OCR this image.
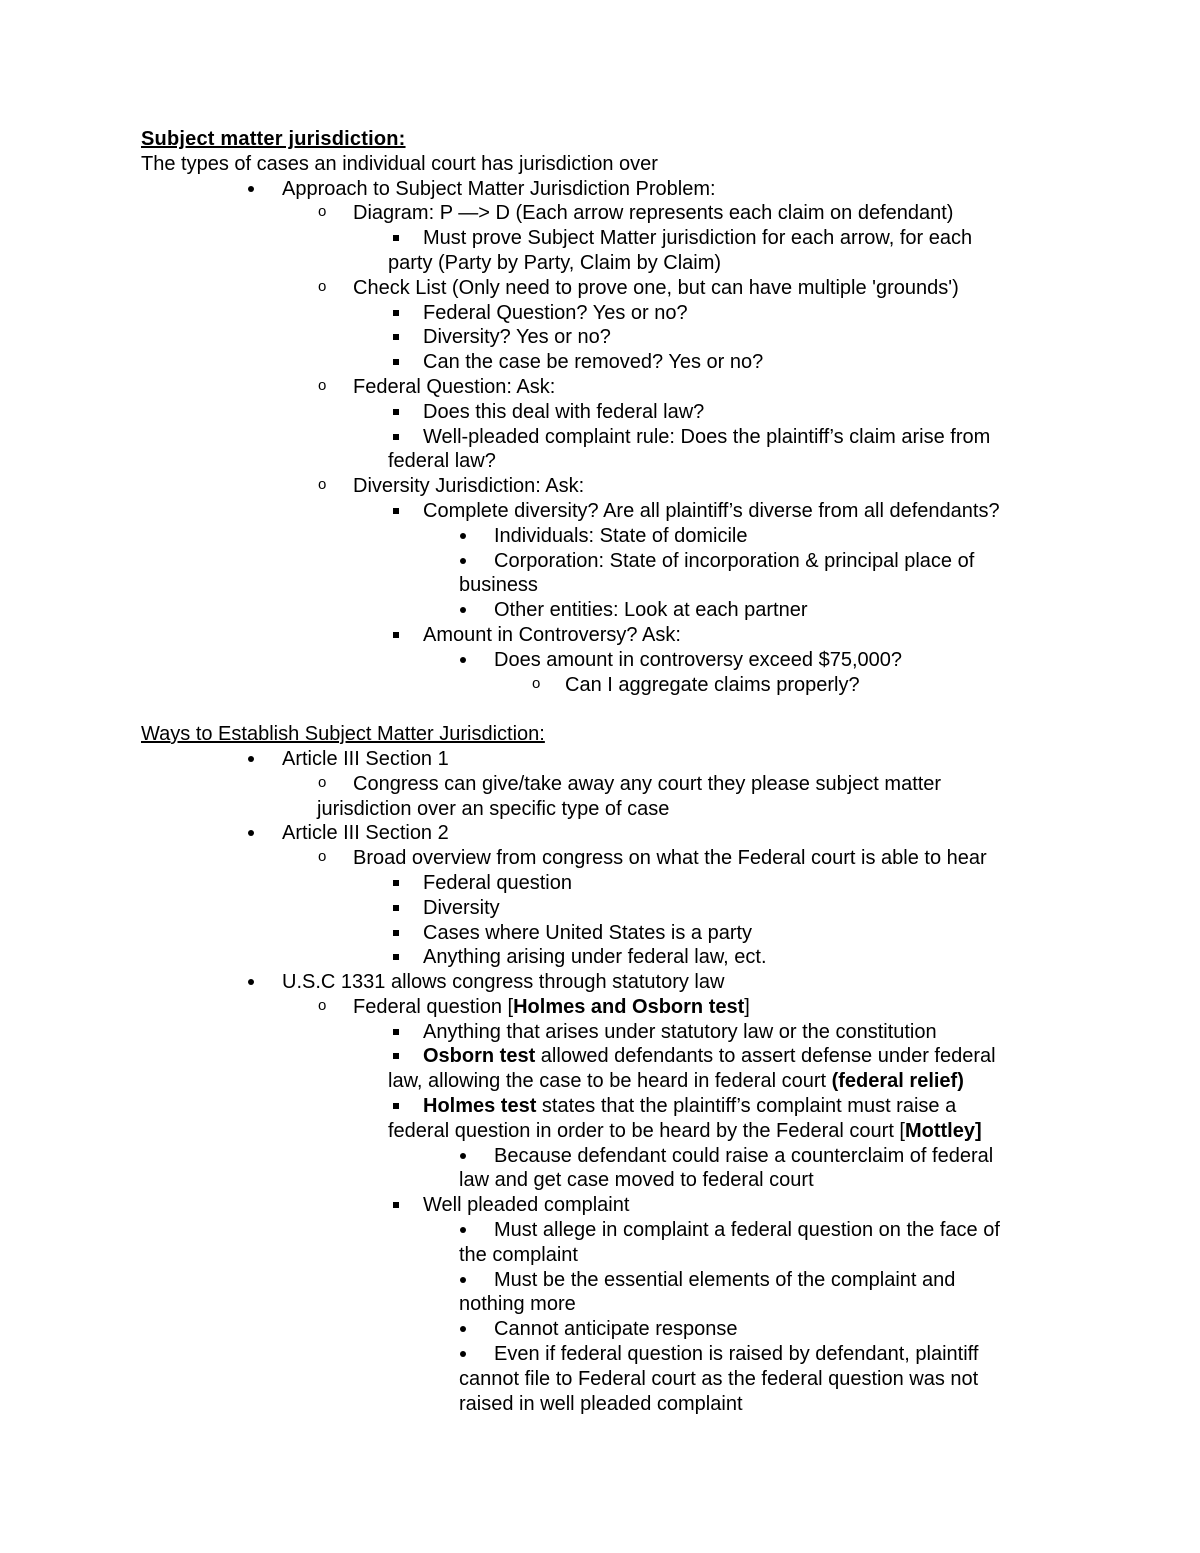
Subject matter jurisdiction:
The types of cases an individual court has jurisdiction over
Approach to Subject Matter Jurisdiction Problem:
o Diagram: P —> D (Each arrow represents each claim on defendant)
Must prove Subject Matter jurisdiction for each arrow, for each
party (Party by Party, Claim by Claim)
o Check List (Only need to prove one, but can have multiple 'grounds')
Federal Question? Yes or no?
Diversity? Yes or no?
Can the case be removed? Yes or no?
o Federal Question: Ask:
Does this deal with federal law?
Well-pleaded complaint rule: Does the plaintiff’s claim arise from
federal law?
o Diversity Jurisdiction: Ask:
Complete diversity? Are all plaintiff’s diverse from all defendants?
Individuals: State of domicile
Corporation: State of incorporation & principal place of
business
Other entities: Look at each partner
Amount in Controversy? Ask:
Does amount in controversy exceed $75,000?
o Can I aggregate claims properly?
Ways to Establish Subject Matter Jurisdiction:
Article III Section 1
o Congress can give/take away any court they please subject matter
jurisdiction over an specific type of case
Article III Section 2
o Broad overview from congress on what the Federal court is able to hear
Federal question
Diversity
Cases where United States is a party
Anything arising under federal law, ect.
U.S.C 1331 allows congress through statutory law
o Federal question [Holmes and Osborn test]
Anything that arises under statutory law or the constitution
Osborn test allowed defendants to assert defense under federal
law, allowing the case to be heard in federal court (federal relief)
Holmes test states that the plaintiff’s complaint must raise a
federal question in order to be heard by the Federal court [Mottley]
Because defendant could raise a counterclaim of federal
law and get case moved to federal court
Well pleaded complaint
Must allege in complaint a federal question on the face of
the complaint
Must be the essential elements of the complaint and
nothing more
Cannot anticipate response
Even if federal question is raised by defendant, plaintiff
cannot file to Federal court as the federal question was not
raised in well pleaded complaint
